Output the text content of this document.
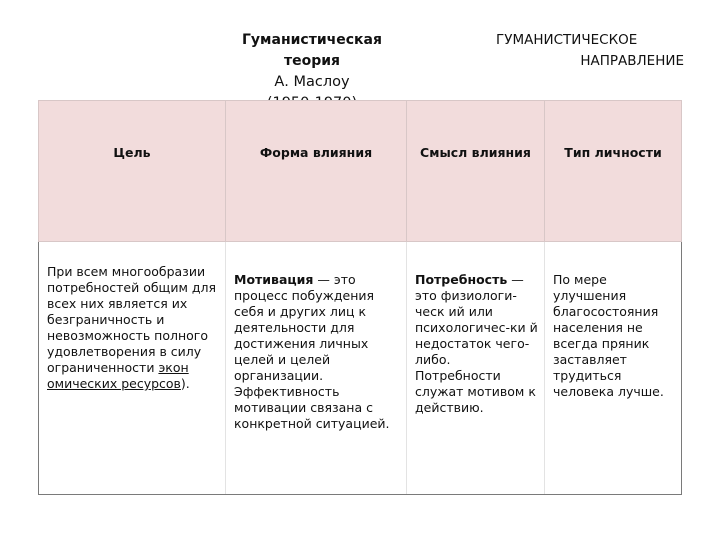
Гуманистическая
теория
А. Маслоу
ГУМАНИСТИЧЕСКОЕ
НАПРАВЛЕНИЕ
Цель	Форма влияния	Смысл влияния	Тип личности

При всем многообразии потребностей общим для всех них является их безграничность и невозможность полного удовлетворения в силу ограниченности экон
омических ресурсов).	Мотивация — это процесс побуждения себя и других лиц к деятельности для достижения личных целей и целей организации. Эффективность мотивации связана с конкретной ситуацией.	Потребность — это физиологи-ческ ий или психологичес-ки й недостаток чего-либо. Потребности служат мотивом к действию.	По мере улучшения благосостояния населения не всегда пряник заставляет трудиться человека лучше.
